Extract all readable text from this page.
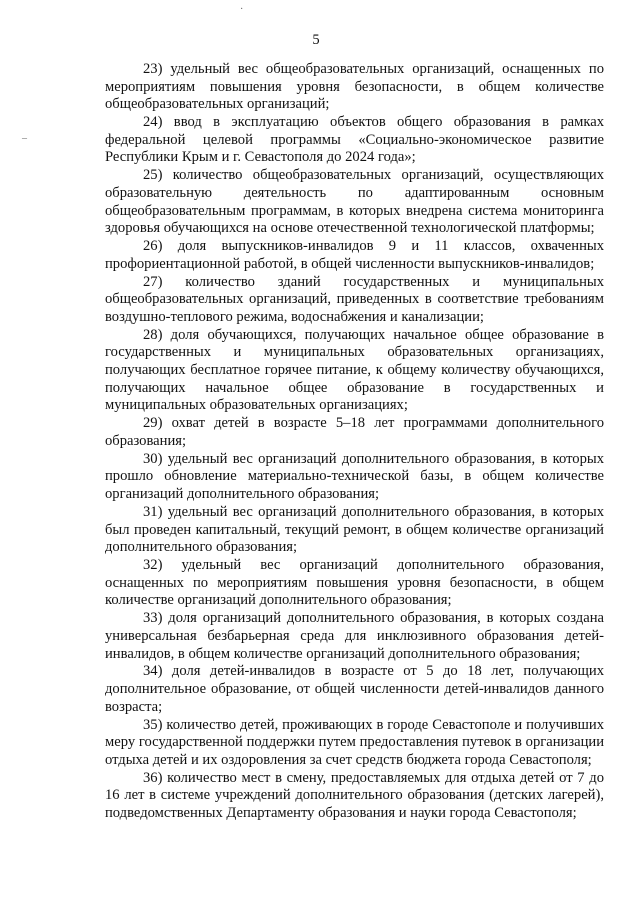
5
·
–

23) удельный вес общеобразовательных организаций, оснащенных по мероприятиям повышения уровня безопасности, в общем количестве общеобразовательных организаций;

24) ввод в эксплуатацию объектов общего образования в рамках федеральной целевой программы «Социально-экономическое развитие Республики Крым и г. Севастополя до 2024 года»;

25) количество общеобразовательных организаций, осуществляющих образовательную деятельность по адаптированным основным общеобразовательным программам, в которых внедрена система мониторинга здоровья обучающихся на основе отечественной технологической платформы;

26) доля выпускников-инвалидов 9 и 11 классов, охваченных профориентационной работой, в общей численности выпускников-инвалидов;

27) количество зданий государственных и муниципальных общеобразовательных организаций, приведенных в соответствие требованиям воздушно-теплового режима, водоснабжения и канализации;

28) доля обучающихся, получающих начальное общее образование в государственных и муниципальных образовательных организациях, получающих бесплатное горячее питание, к общему количеству обучающихся, получающих начальное общее образование в государственных и муниципальных образовательных организациях;

29) охват детей в возрасте 5–18 лет программами дополнительного образования;

30) удельный вес организаций дополнительного образования, в которых прошло обновление материально-технической базы, в общем количестве организаций дополнительного образования;

31) удельный вес организаций дополнительного образования, в которых был проведен капитальный, текущий ремонт, в общем количестве организаций дополнительного образования;

32) удельный вес организаций дополнительного образования, оснащенных по мероприятиям повышения уровня безопасности, в общем количестве организаций дополнительного образования;

33) доля организаций дополнительного образования, в которых создана универсальная безбарьерная среда для инклюзивного образования детей-инвалидов, в общем количестве организаций дополнительного образования;

34) доля детей-инвалидов в возрасте от 5 до 18 лет, получающих дополнительное образование, от общей численности детей-инвалидов данного возраста;

35) количество детей, проживающих в городе Севастополе и получивших меру государственной поддержки путем предоставления путевок в организации отдыха детей и их оздоровления за счет средств бюджета города Севастополя;

36) количество мест в смену, предоставляемых для отдыха детей от 7 до 16 лет в системе учреждений дополнительного образования (детских лагерей), подведомственных Департаменту образования и науки города Севастополя;
